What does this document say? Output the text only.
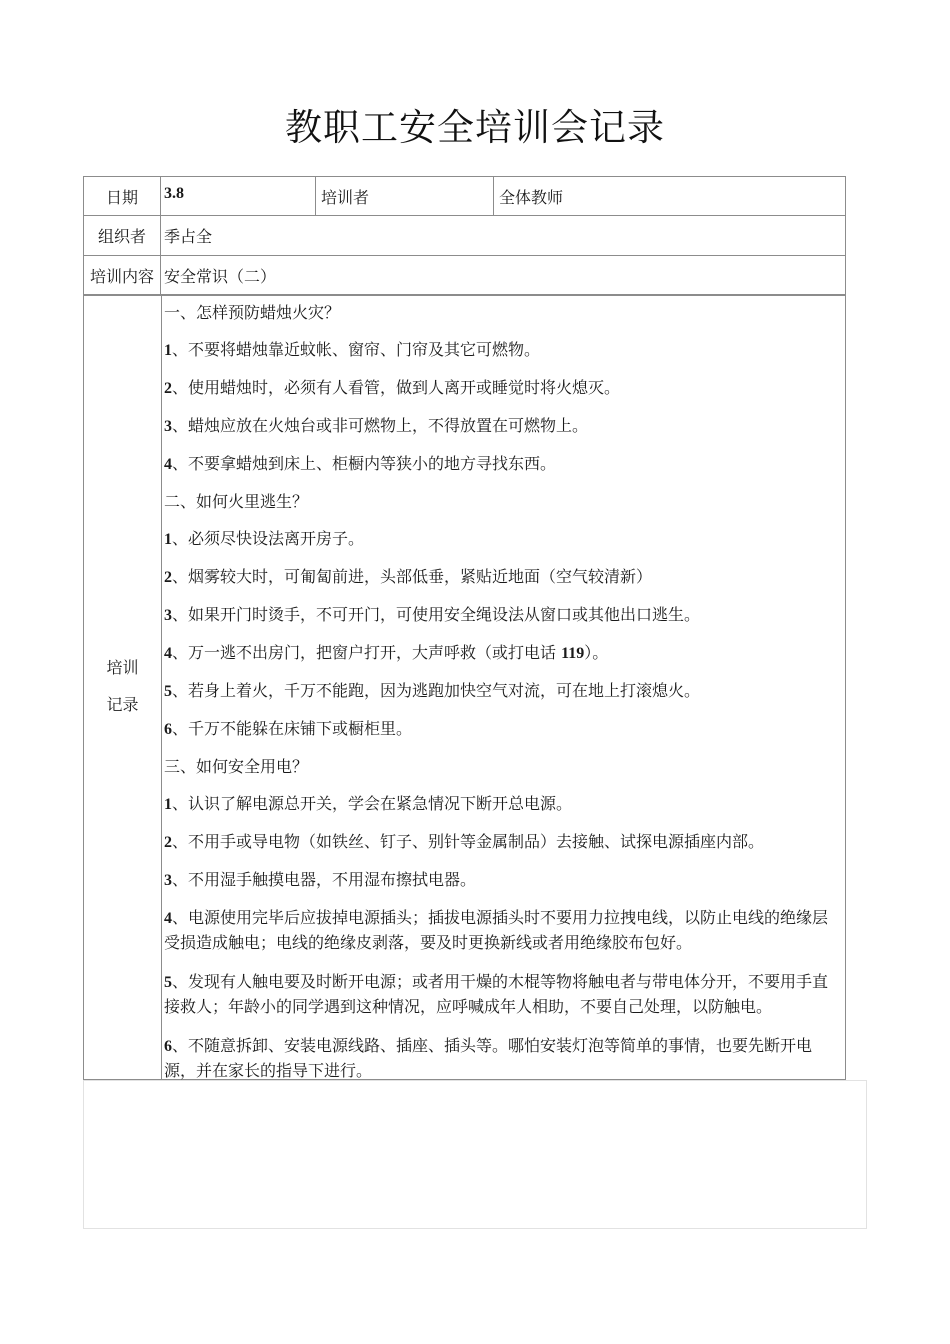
教职工安全培训会记录
日期	3.8	培训者	全体教师
组织者	季占全
培训内容 安全常识（二）
培训
记录

一、怎样预防蜡烛火灾？

1、不要将蜡烛靠近蚊帐、窗帘、门帘及其它可燃物。

2、使用蜡烛时，必须有人看管，做到人离开或睡觉时将火熄灭。

3、蜡烛应放在火烛台或非可燃物上，不得放置在可燃物上。

4、不要拿蜡烛到床上、柜橱内等狭小的地方寻找东西。

二、如何火里逃生？

1、必须尽快设法离开房子。

2、烟雾较大时，可匍匐前进，头部低垂，紧贴近地面（空气较清新）

3、如果开门时烫手，不可开门，可使用安全绳设法从窗口或其他出口逃生。

4、万一逃不出房门，把窗户打开，大声呼救（或打电话 119）。

5、若身上着火，千万不能跑，因为逃跑加快空气对流，可在地上打滚熄火。

6、千万不能躲在床铺下或橱柜里。

三、如何安全用电？

1、认识了解电源总开关，学会在紧急情况下断开总电源。

2、不用手或导电物（如铁丝、钉子、别针等金属制品）去接触、试探电源插座内部。

3、不用湿手触摸电器，不用湿布擦拭电器。

4、电源使用完毕后应拔掉电源插头；插拔电源插头时不要用力拉拽电线，以防止电线的绝缘层受损造成触电；电线的绝缘皮剥落，要及时更换新线或者用绝缘胶布包好。

5、发现有人触电要及时断开电源；或者用干燥的木棍等物将触电者与带电体分开，不要用手直接救人；年龄小的同学遇到这种情况，应呼喊成年人相助，不要自己处理，以防触电。

6、不随意拆卸、安装电源线路、插座、插头等。哪怕安装灯泡等简单的事情，也要先断开电源，并在家长的指导下进行。
